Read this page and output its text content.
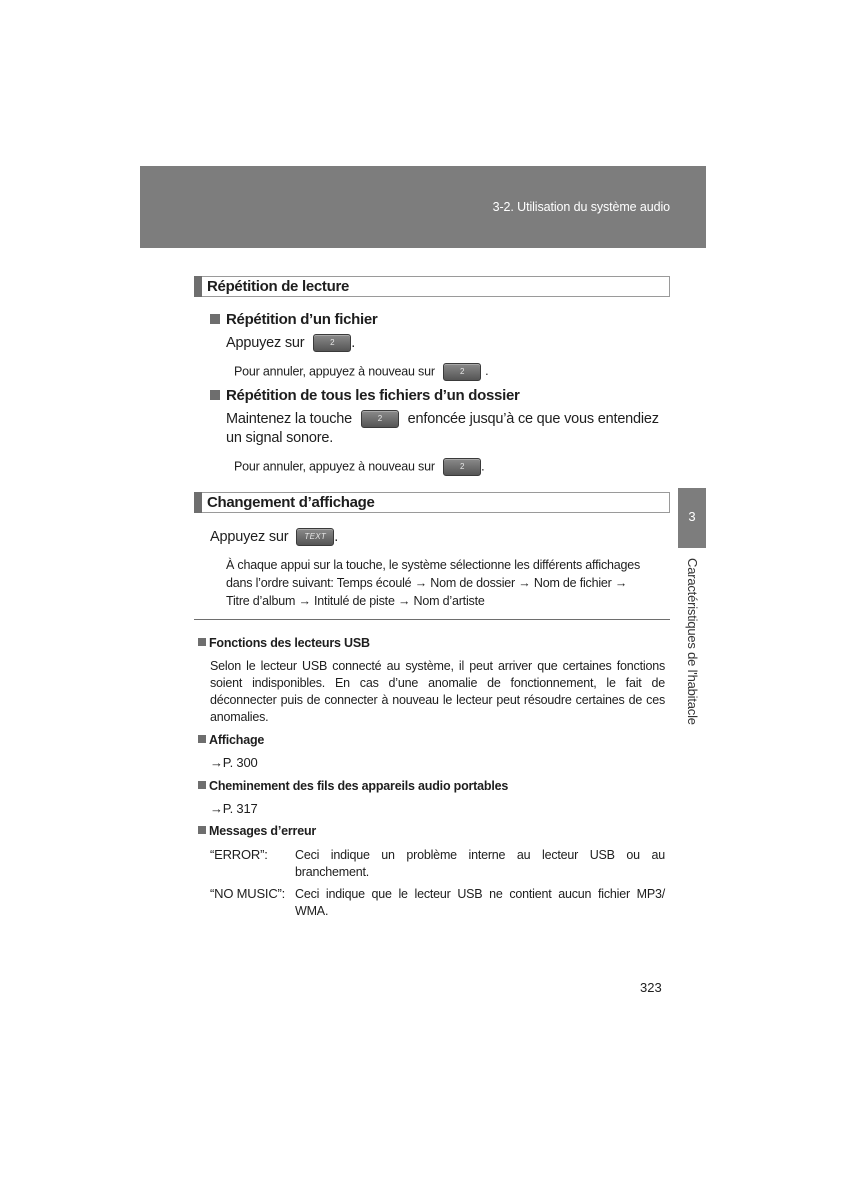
3-2. Utilisation du système audio
3
Caractéristiques de l'habitacle
Répétition de lecture
Répétition d’un fichier
Appuyez sur	2 .
Pour annuler, appuyez à nouveau sur	2 .
Répétition de tous les fichiers d’un dossier
Maintenez la touche	2 enfoncée jusqu’à ce que vous entendiez
un signal sonore.
Pour annuler, appuyez à nouveau sur	2 .
Changement d’affichage
Appuyez sur TEXT .
À chaque appui sur la touche, le système sélectionne les différents affichages
dans l’ordre suivant: Temps écoulé → Nom de dossier → Nom de fichier →
Titre d’album → Intitulé de piste → Nom d’artiste
Fonctions des lecteurs USB
Selon le lecteur USB connecté au système, il peut arriver que certaines fonctions soient indisponibles. En cas d’une anomalie de fonctionnement, le fait de déconnecter puis de connecter à nouveau le lecteur peut résoudre certaines de ces anomalies.
Affichage
→P. 300
Cheminement des fils des appareils audio portables
→P. 317
Messages d’erreur
“ERROR”: Ceci indique un problème interne au lecteur USB ou au branchement.
“NO MUSIC”: Ceci indique que le lecteur USB ne contient aucun fichier MP3/ WMA.
323
